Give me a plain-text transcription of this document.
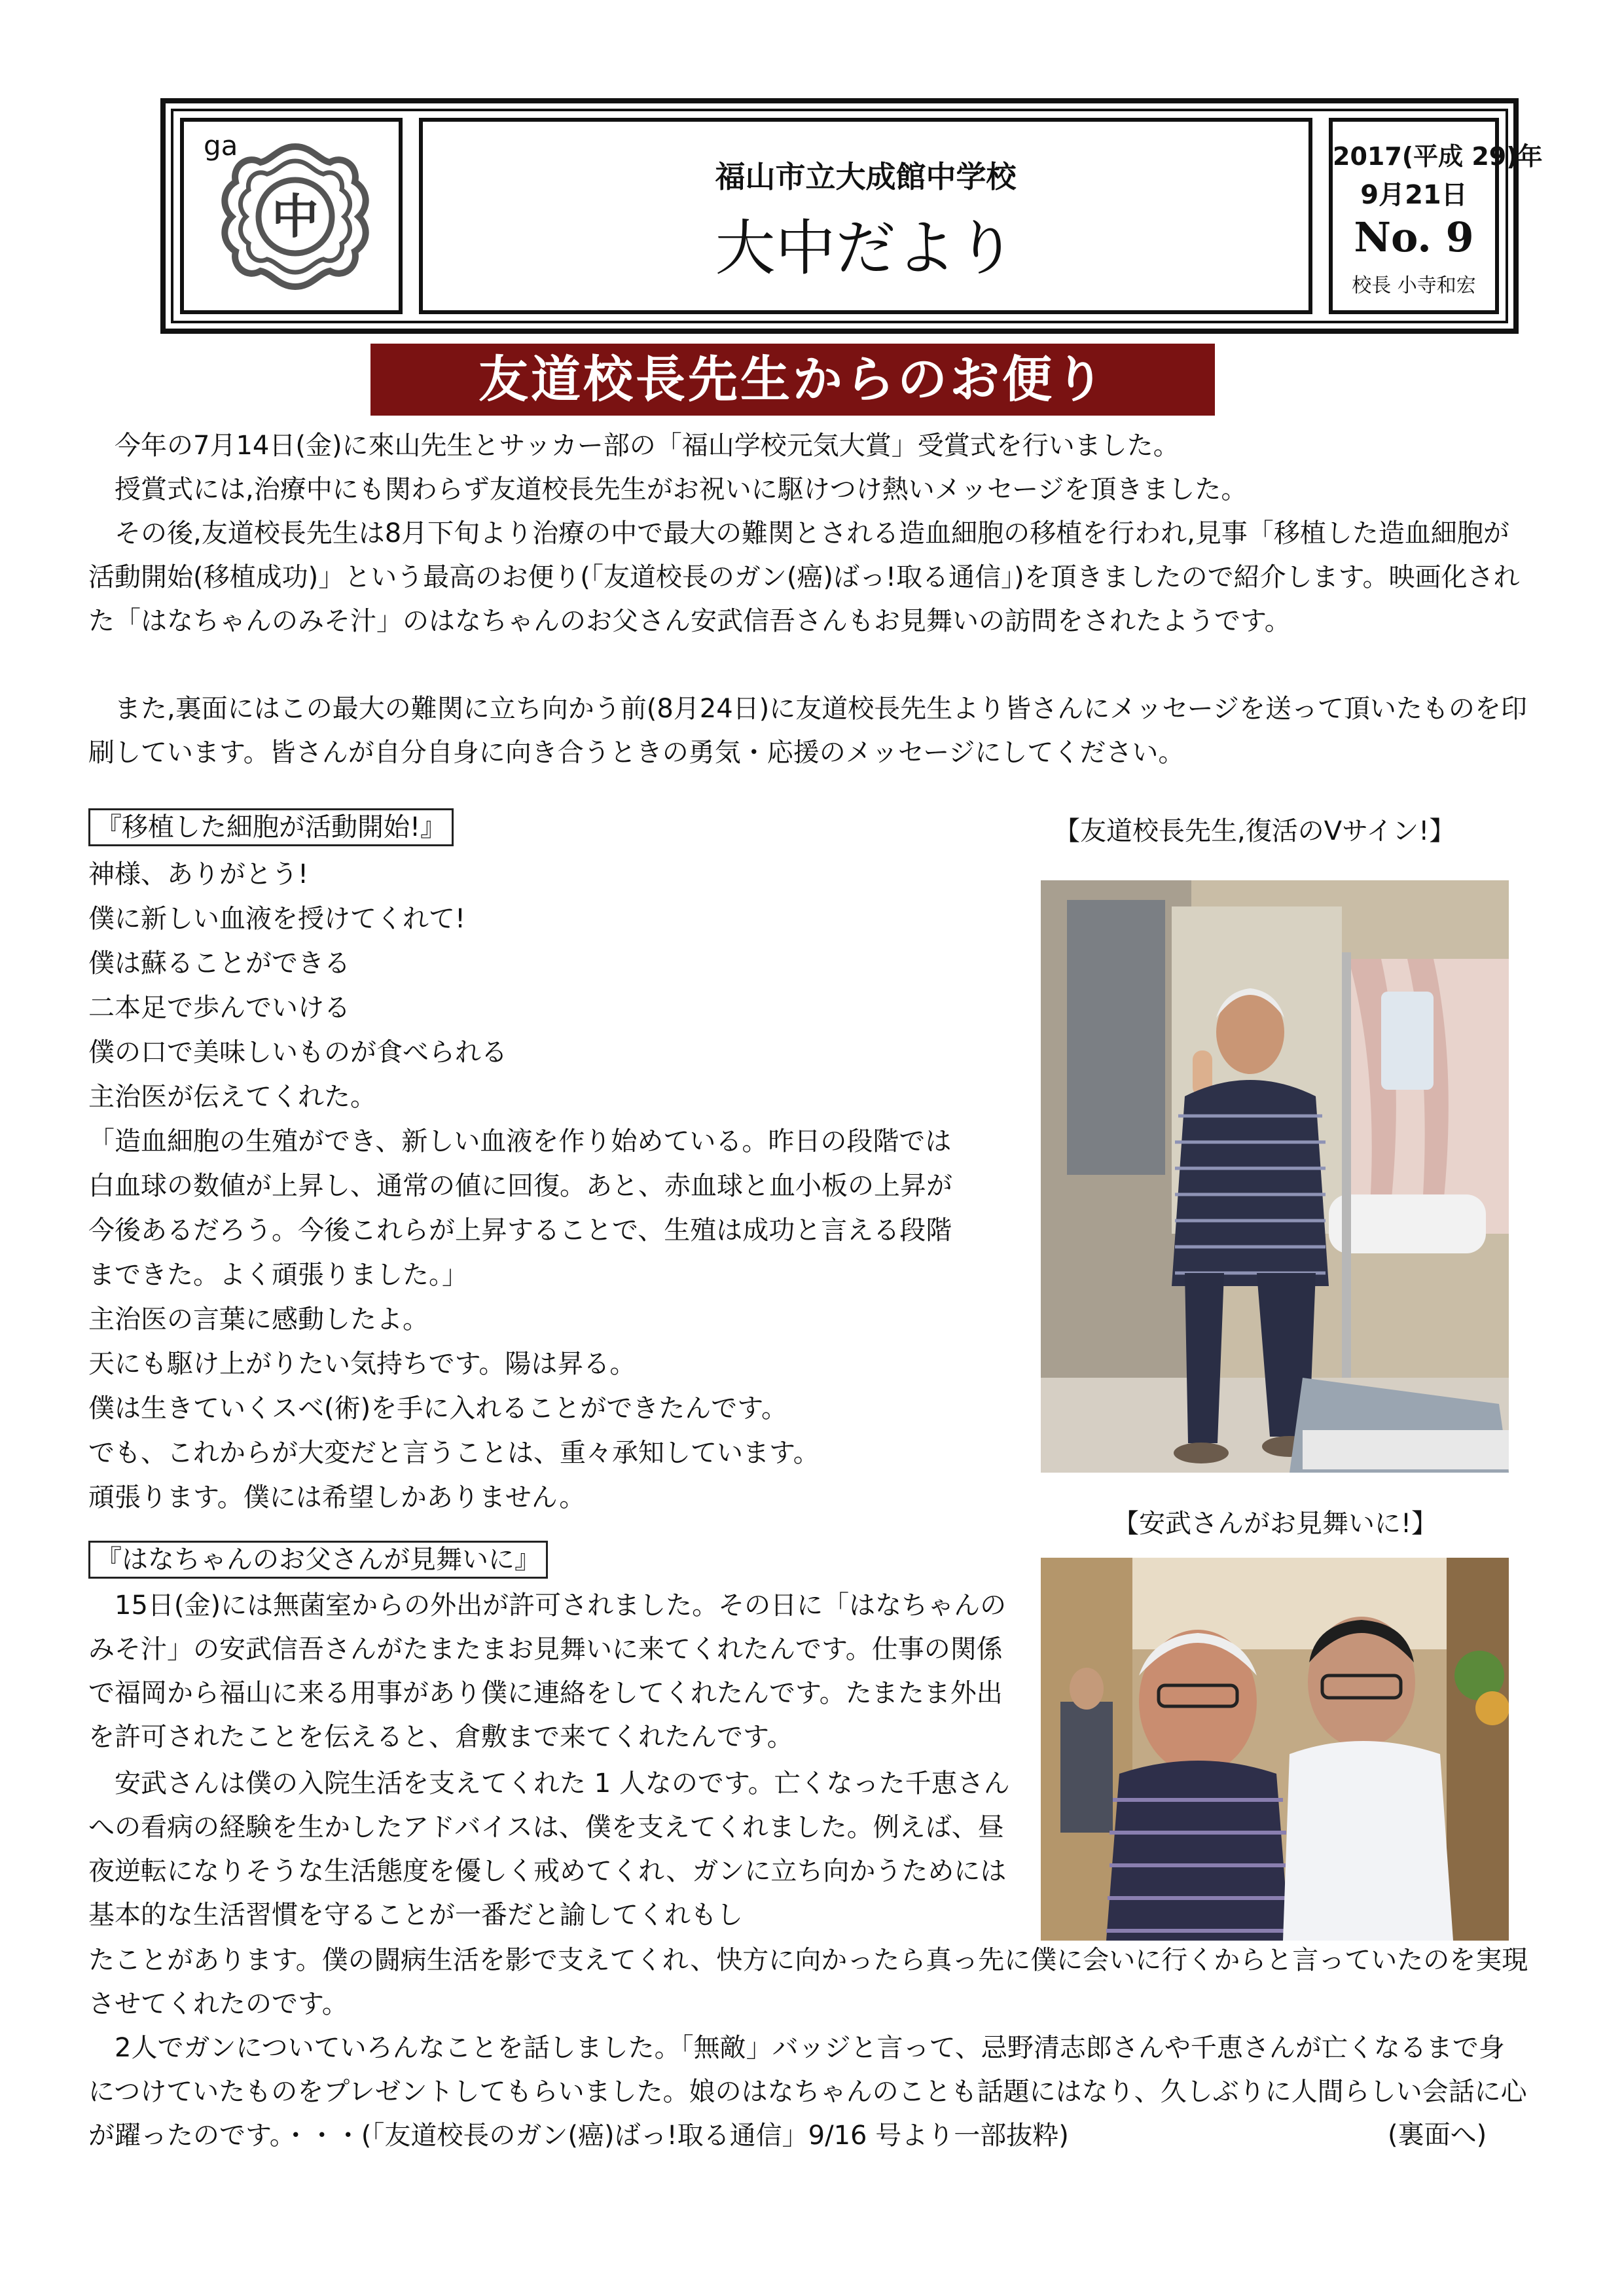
ga
中
福山市立大成館中学校
大中だより
2017(平成 29)年
9月21日
No. 9
校長 小寺和宏
友道校長先生からのお便り
今年の7月14日(金)に來山先生とサッカー部の「福山学校元気大賞」受賞式を行いました。
授賞式には,治療中にも関わらず友道校長先生がお祝いに駆けつけ熱いメッセージを頂きました。
その後,友道校長先生は8月下旬より治療の中で最大の難関とされる造血細胞の移植を行われ,見事「移植した造血細胞が活動開始(移植成功)」という最高のお便り(「友道校長のガン(癌)ばっ!取る通信」)を頂きましたので紹介します。映画化された「はなちゃんのみそ汁」のはなちゃんのお父さん安武信吾さんもお見舞いの訪問をされたようです。
また,裏面にはこの最大の難関に立ち向かう前(8月24日)に友道校長先生より皆さんにメッセージを送って頂いたものを印刷しています。皆さんが自分自身に向き合うときの勇気・応援のメッセージにしてください。
『移植した細胞が活動開始!』	【友道校長先生,復活のVサイン!】
神様、ありがとう!
僕に新しい血液を授けてくれて!
僕は蘇ることができる
二本足で歩んでいける
僕の口で美味しいものが食べられる
主治医が伝えてくれた。
「造血細胞の生殖ができ、新しい血液を作り始めている。昨日の段階では
白血球の数値が上昇し、通常の値に回復。あと、赤血球と血小板の上昇が
今後あるだろう。今後これらが上昇することで、生殖は成功と言える段階
まできた。よく頑張りました。」
主治医の言葉に感動したよ。
天にも駆け上がりたい気持ちです。陽は昇る。
僕は生きていくスベ(術)を手に入れることができたんです。
でも、これからが大変だと言うことは、重々承知しています。
頑張ります。僕には希望しかありません。
【安武さんがお見舞いに!】
『はなちゃんのお父さんが見舞いに』
15日(金)には無菌室からの外出が許可されました。その日に「はなちゃんのみそ汁」の安武信吾さんがたまたまお見舞いに来てくれたんです。仕事の関係で福岡から福山に来る用事があり僕に連絡をしてくれたんです。たまたま外出を許可されたことを伝えると、倉敷まで来てくれたんです。
安武さんは僕の入院生活を支えてくれた 1 人なのです。亡くなった千恵さんへの看病の経験を生かしたアドバイスは、僕を支えてくれました。例えば、昼夜逆転になりそうな生活態度を優しく戒めてくれ、ガンに立ち向かうためには基本的な生活習慣を守ることが一番だと諭してくれもし
たことがあります。僕の闘病生活を影で支えてくれ、快方に向かったら真っ先に僕に会いに行くからと言っていたのを実現させてくれたのです。
2人でガンについていろんなことを話しました。「無敵」バッジと言って、忌野清志郎さんや千恵さんが亡くなるまで身につけていたものをプレゼントしてもらいました。娘のはなちゃんのことも話題にはなり、久しぶりに人間らしい会話に心が躍ったのです。・・・(「友道校長のガン(癌)ばっ!取る通信」9/16 号より一部抜粋)	(裏面へ)
